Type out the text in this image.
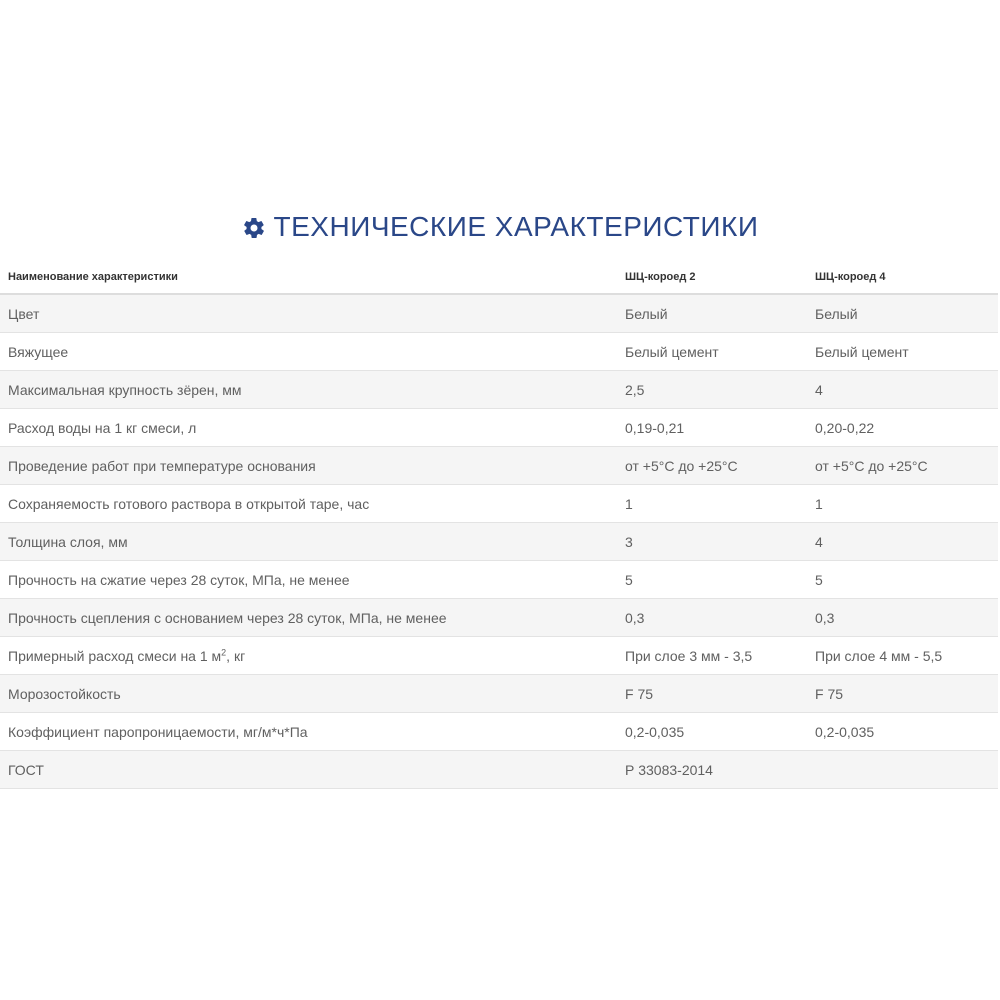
ТЕХНИЧЕСКИЕ ХАРАКТЕРИСТИКИ
Наименование характеристики	ШЦ-короед 2	ШЦ-короед 4
Цвет	Белый	Белый
Вяжущее	Белый цемент	Белый цемент
Максимальная крупность зёрен, мм	2,5	4
Расход воды на 1 кг смеси, л	0,19-0,21	0,20-0,22
Проведение работ при температуре основания	от +5°C до +25°C	от +5°C до +25°C
Сохраняемость готового раствора в открытой таре, час	1	1
Толщина слоя, мм	3	4
Прочность на сжатие через 28 суток, МПа, не менее	5	5
Прочность сцепления с основанием через 28 суток, МПа, не менее	0,3	0,3
Примерный расход смеси на 1 $м^2$, кг	При слое 3 мм - 3,5	При слое 4 мм - 5,5
Морозостойкость	F 75	F 75
Коэффициент паропроницаемости, мг/м*ч*Па	0,2-0,035	0,2-0,035
ГОСТ	Р 33083-2014	
